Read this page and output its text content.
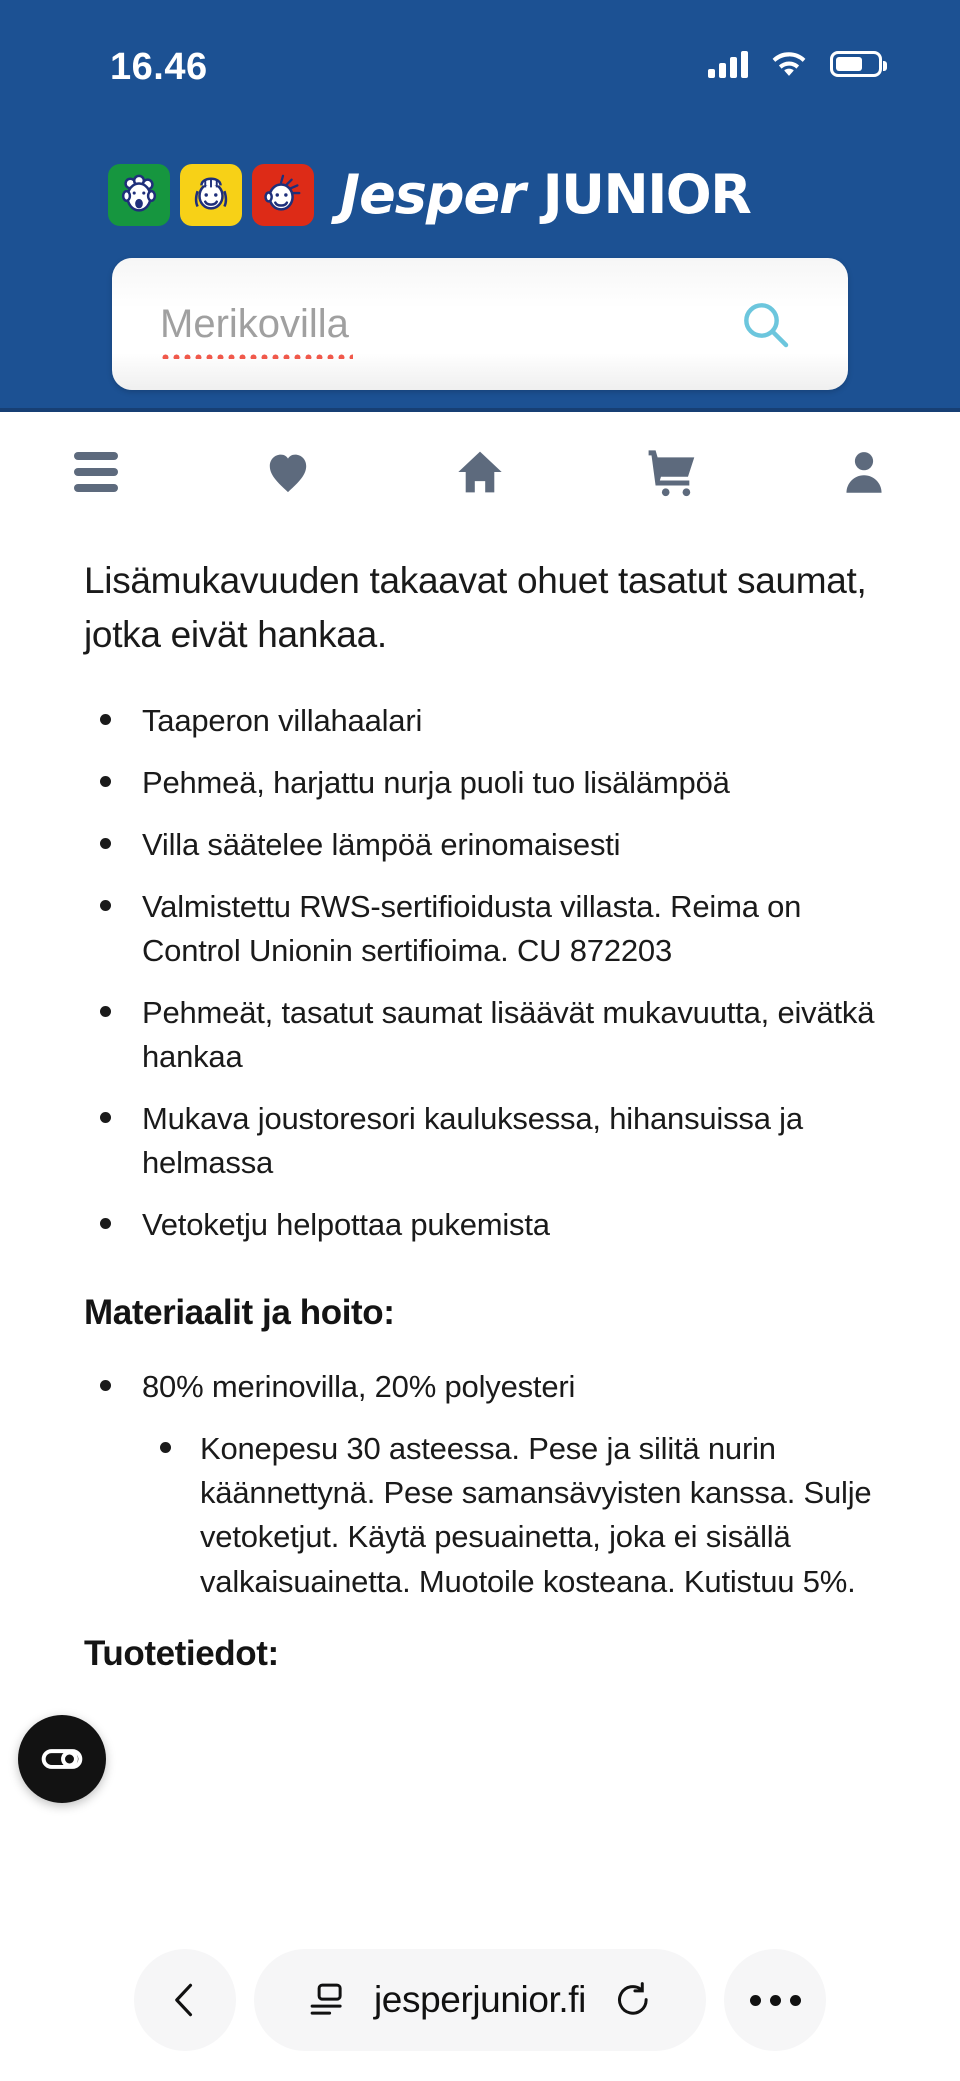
16.46
Jesper JUNIOR
Merikovilla

Lisämukavuuden takaavat ohuet tasatut saumat, jotka eivät hankaa.

Taaperon villahaalari
Pehmeä, harjattu nurja puoli tuo lisälämpöä
Villa säätelee lämpöä erinomaisesti
Valmistettu RWS-sertifioidusta villasta. Reima on Control Unionin sertifioima. CU 872203
Pehmeät, tasatut saumat lisäävät mukavuutta, eivätkä hankaa
Mukava joustoresori kauluksessa, hihansuissa ja helmassa
Vetoketju helpottaa pukemista
Materiaalit ja hoito:
80% merinovilla, 20% polyesteri
Konepesu 30 asteessa. Pese ja silitä nurin käännettynä. Pese samansävyisten kanssa. Sulje vetoketjut. Käytä pesuainetta, joka ei sisällä valkaisuainetta. Muotoile kosteana. Kutistuu 5%.
Tuotetiedot:
jesperjunior.fi
